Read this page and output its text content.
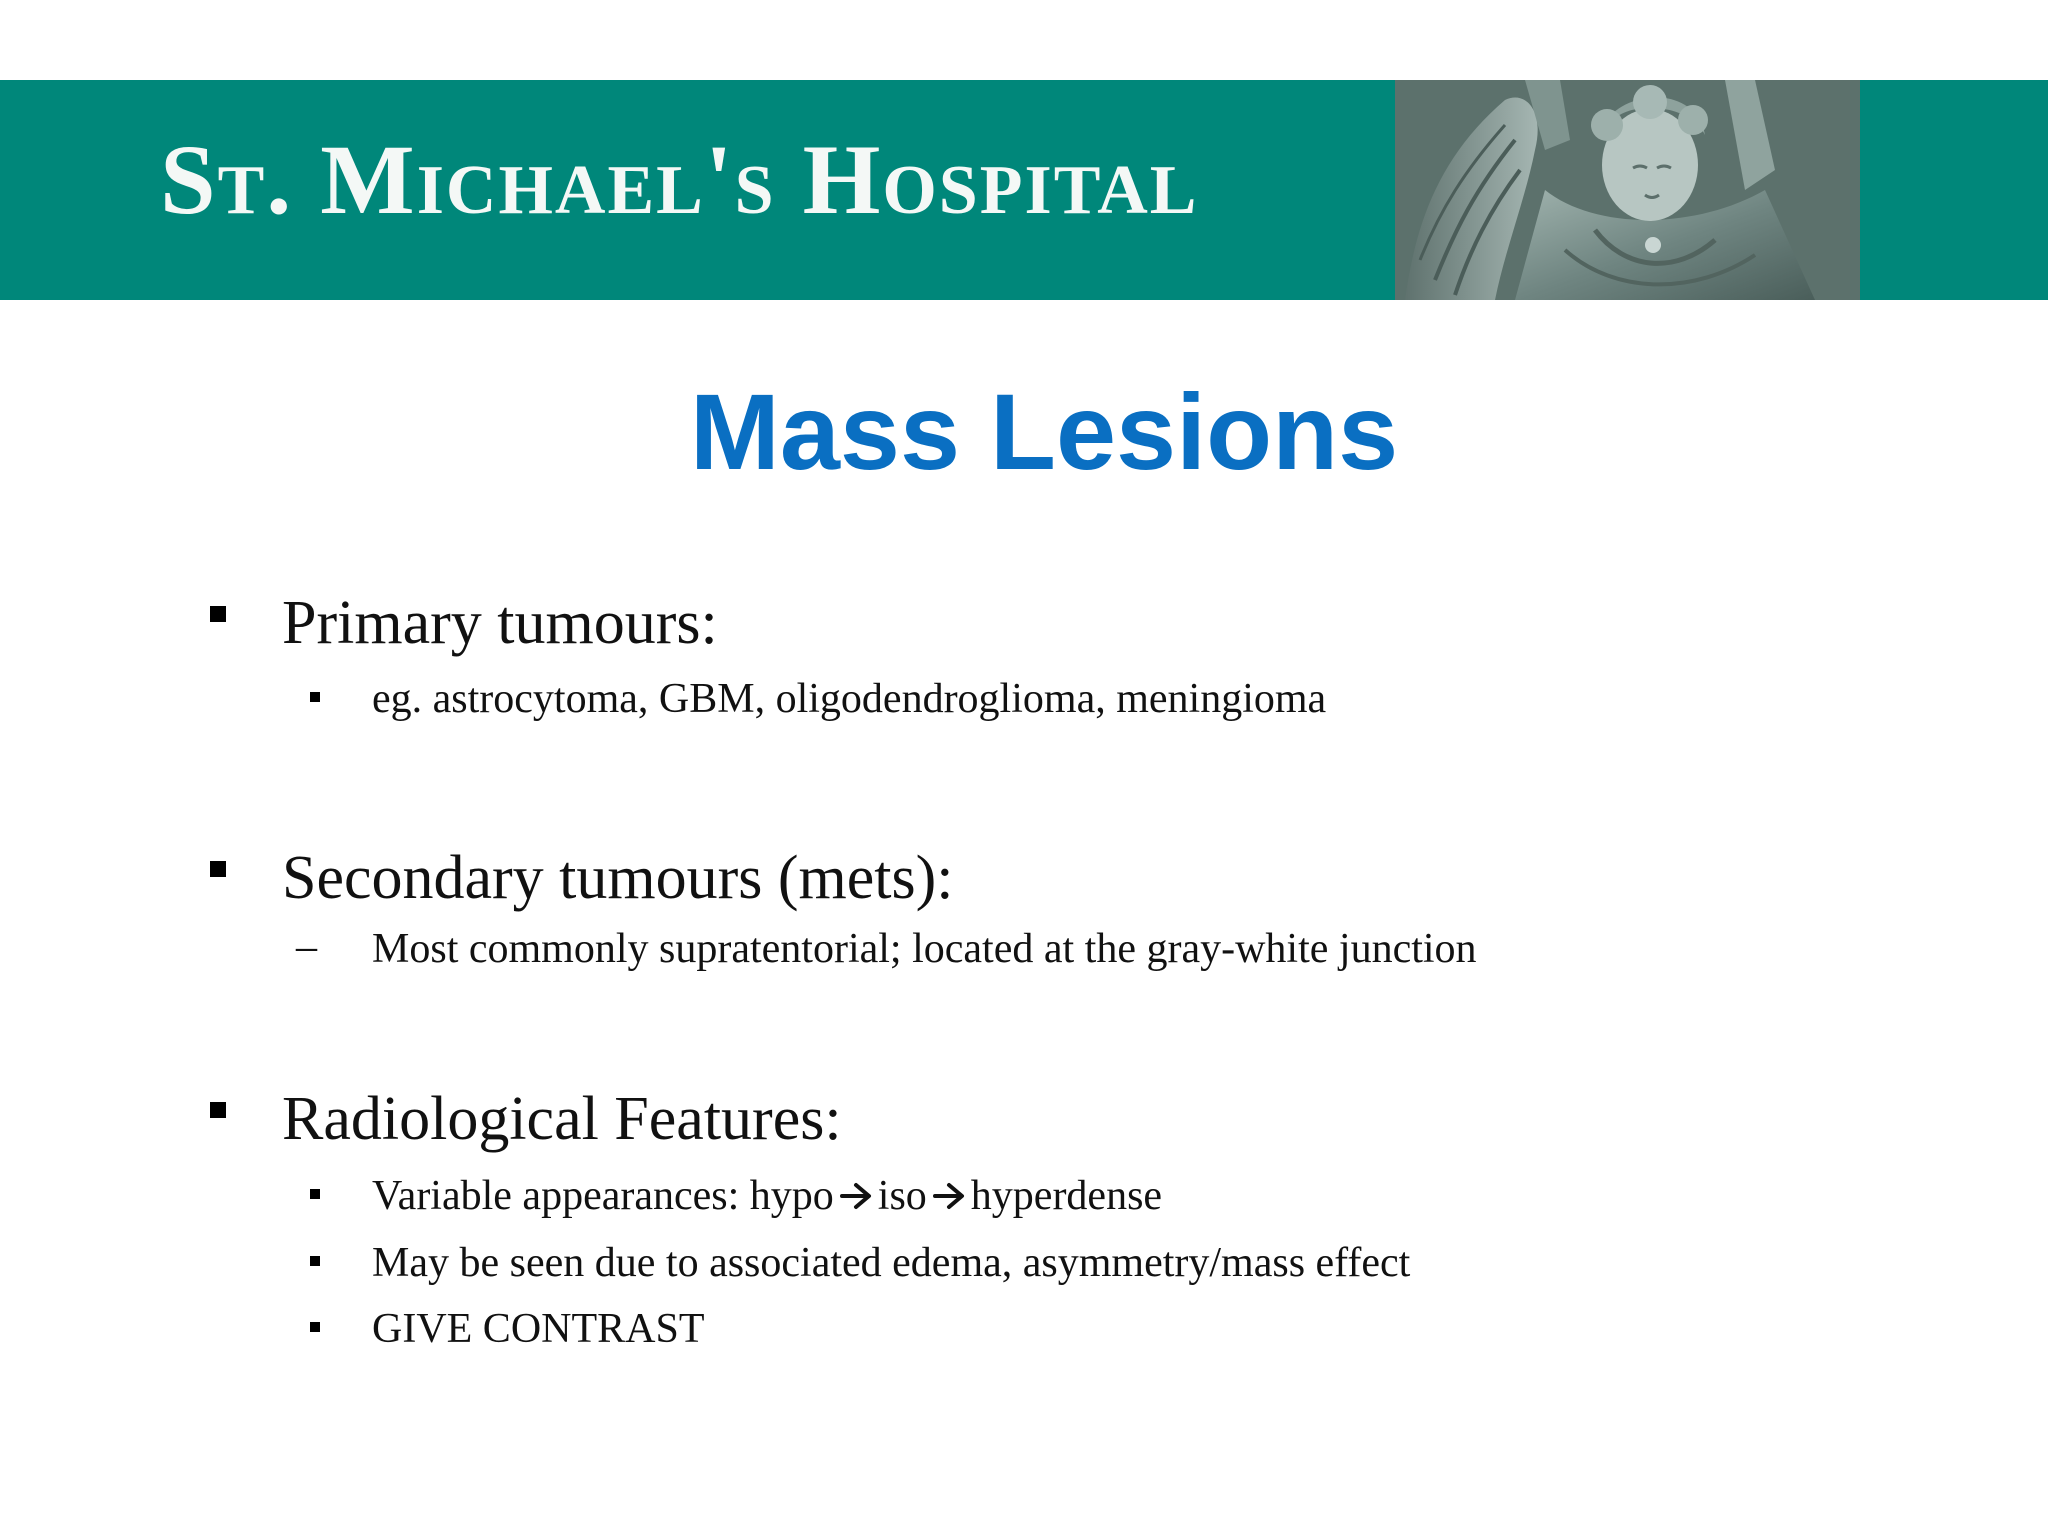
St. Michael's Hospital
Mass Lesions
Primary tumours:
eg. astrocytoma, GBM, oligodendroglioma, meningioma
Secondary tumours (mets):
– Most commonly supratentorial; located at the gray-white junction
Radiological Features:
Variable appearances: hypo iso hyperdense
May be seen due to associated edema, asymmetry/mass effect
GIVE CONTRAST
